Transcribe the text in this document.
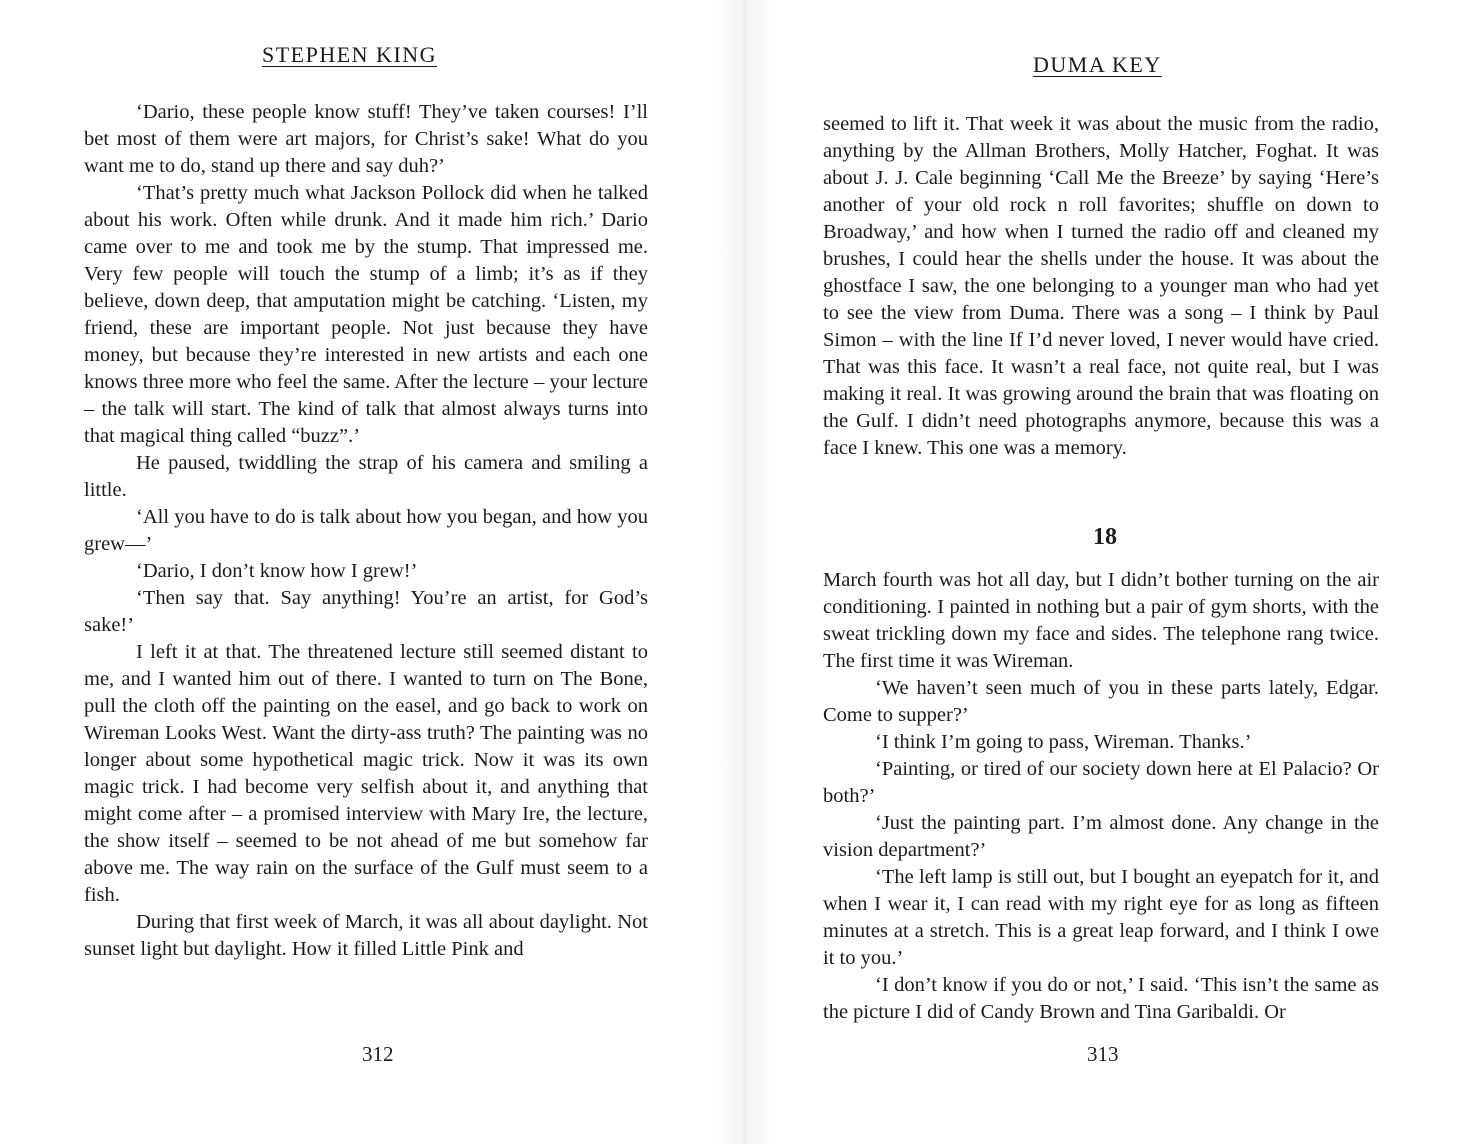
STEPHEN KING

‘Dario, these people know stuff! They’ve taken courses! I’ll bet most of them were art majors, for Christ’s sake! What do you want me to do, stand up there and say duh?’

‘That’s pretty much what Jackson Pollock did when he talked about his work. Often while drunk. And it made him rich.’ Dario came over to me and took me by the stump. That impressed me. Very few people will touch the stump of a limb; it’s as if they believe, down deep, that amputation might be catching. ‘Listen, my friend, these are important people. Not just because they have money, but because they’re interested in new artists and each one knows three more who feel the same. After the lecture – your lecture – the talk will start. The kind of talk that almost always turns into that magical thing called “buzz”.’

He paused, twiddling the strap of his camera and smiling a little.

‘All you have to do is talk about how you began, and how you grew—’

‘Dario, I don’t know how I grew!’

‘Then say that. Say anything! You’re an artist, for God’s sake!’

I left it at that. The threatened lecture still seemed distant to me, and I wanted him out of there. I wanted to turn on The Bone, pull the cloth off the painting on the easel, and go back to work on Wireman Looks West. Want the dirty-ass truth? The painting was no longer about some hypothetical magic trick. Now it was its own magic trick. I had become very selfish about it, and anything that might come after – a promised interview with Mary Ire, the lecture, the show itself – seemed to be not ahead of me but somehow far above me. The way rain on the surface of the Gulf must seem to a fish.

During that first week of March, it was all about daylight. Not sunset light but daylight. How it filled Little Pink and

312
DUMA KEY

seemed to lift it. That week it was about the music from the radio, anything by the Allman Brothers, Molly Hatcher, Foghat. It was about J. J. Cale beginning ‘Call Me the Breeze’ by saying ‘Here’s another of your old rock n roll favorites; shuffle on down to Broadway,’ and how when I turned the radio off and cleaned my brushes, I could hear the shells under the house. It was about the ghostface I saw, the one belonging to a younger man who had yet to see the view from Duma. There was a song – I think by Paul Simon – with the line If I’d never loved, I never would have cried. That was this face. It wasn’t a real face, not quite real, but I was making it real. It was growing around the brain that was floating on the Gulf. I didn’t need photographs anymore, because this was a face I knew. This one was a memory.

18

March fourth was hot all day, but I didn’t bother turning on the air conditioning. I painted in nothing but a pair of gym shorts, with the sweat trickling down my face and sides. The telephone rang twice. The first time it was Wireman.

‘We haven’t seen much of you in these parts lately, Edgar. Come to supper?’

‘I think I’m going to pass, Wireman. Thanks.’

‘Painting, or tired of our society down here at El Palacio? Or both?’

‘Just the painting part. I’m almost done. Any change in the vision department?’

‘The left lamp is still out, but I bought an eyepatch for it, and when I wear it, I can read with my right eye for as long as fifteen minutes at a stretch. This is a great leap forward, and I think I owe it to you.’

‘I don’t know if you do or not,’ I said. ‘This isn’t the same as the picture I did of Candy Brown and Tina Garibaldi. Or

313
